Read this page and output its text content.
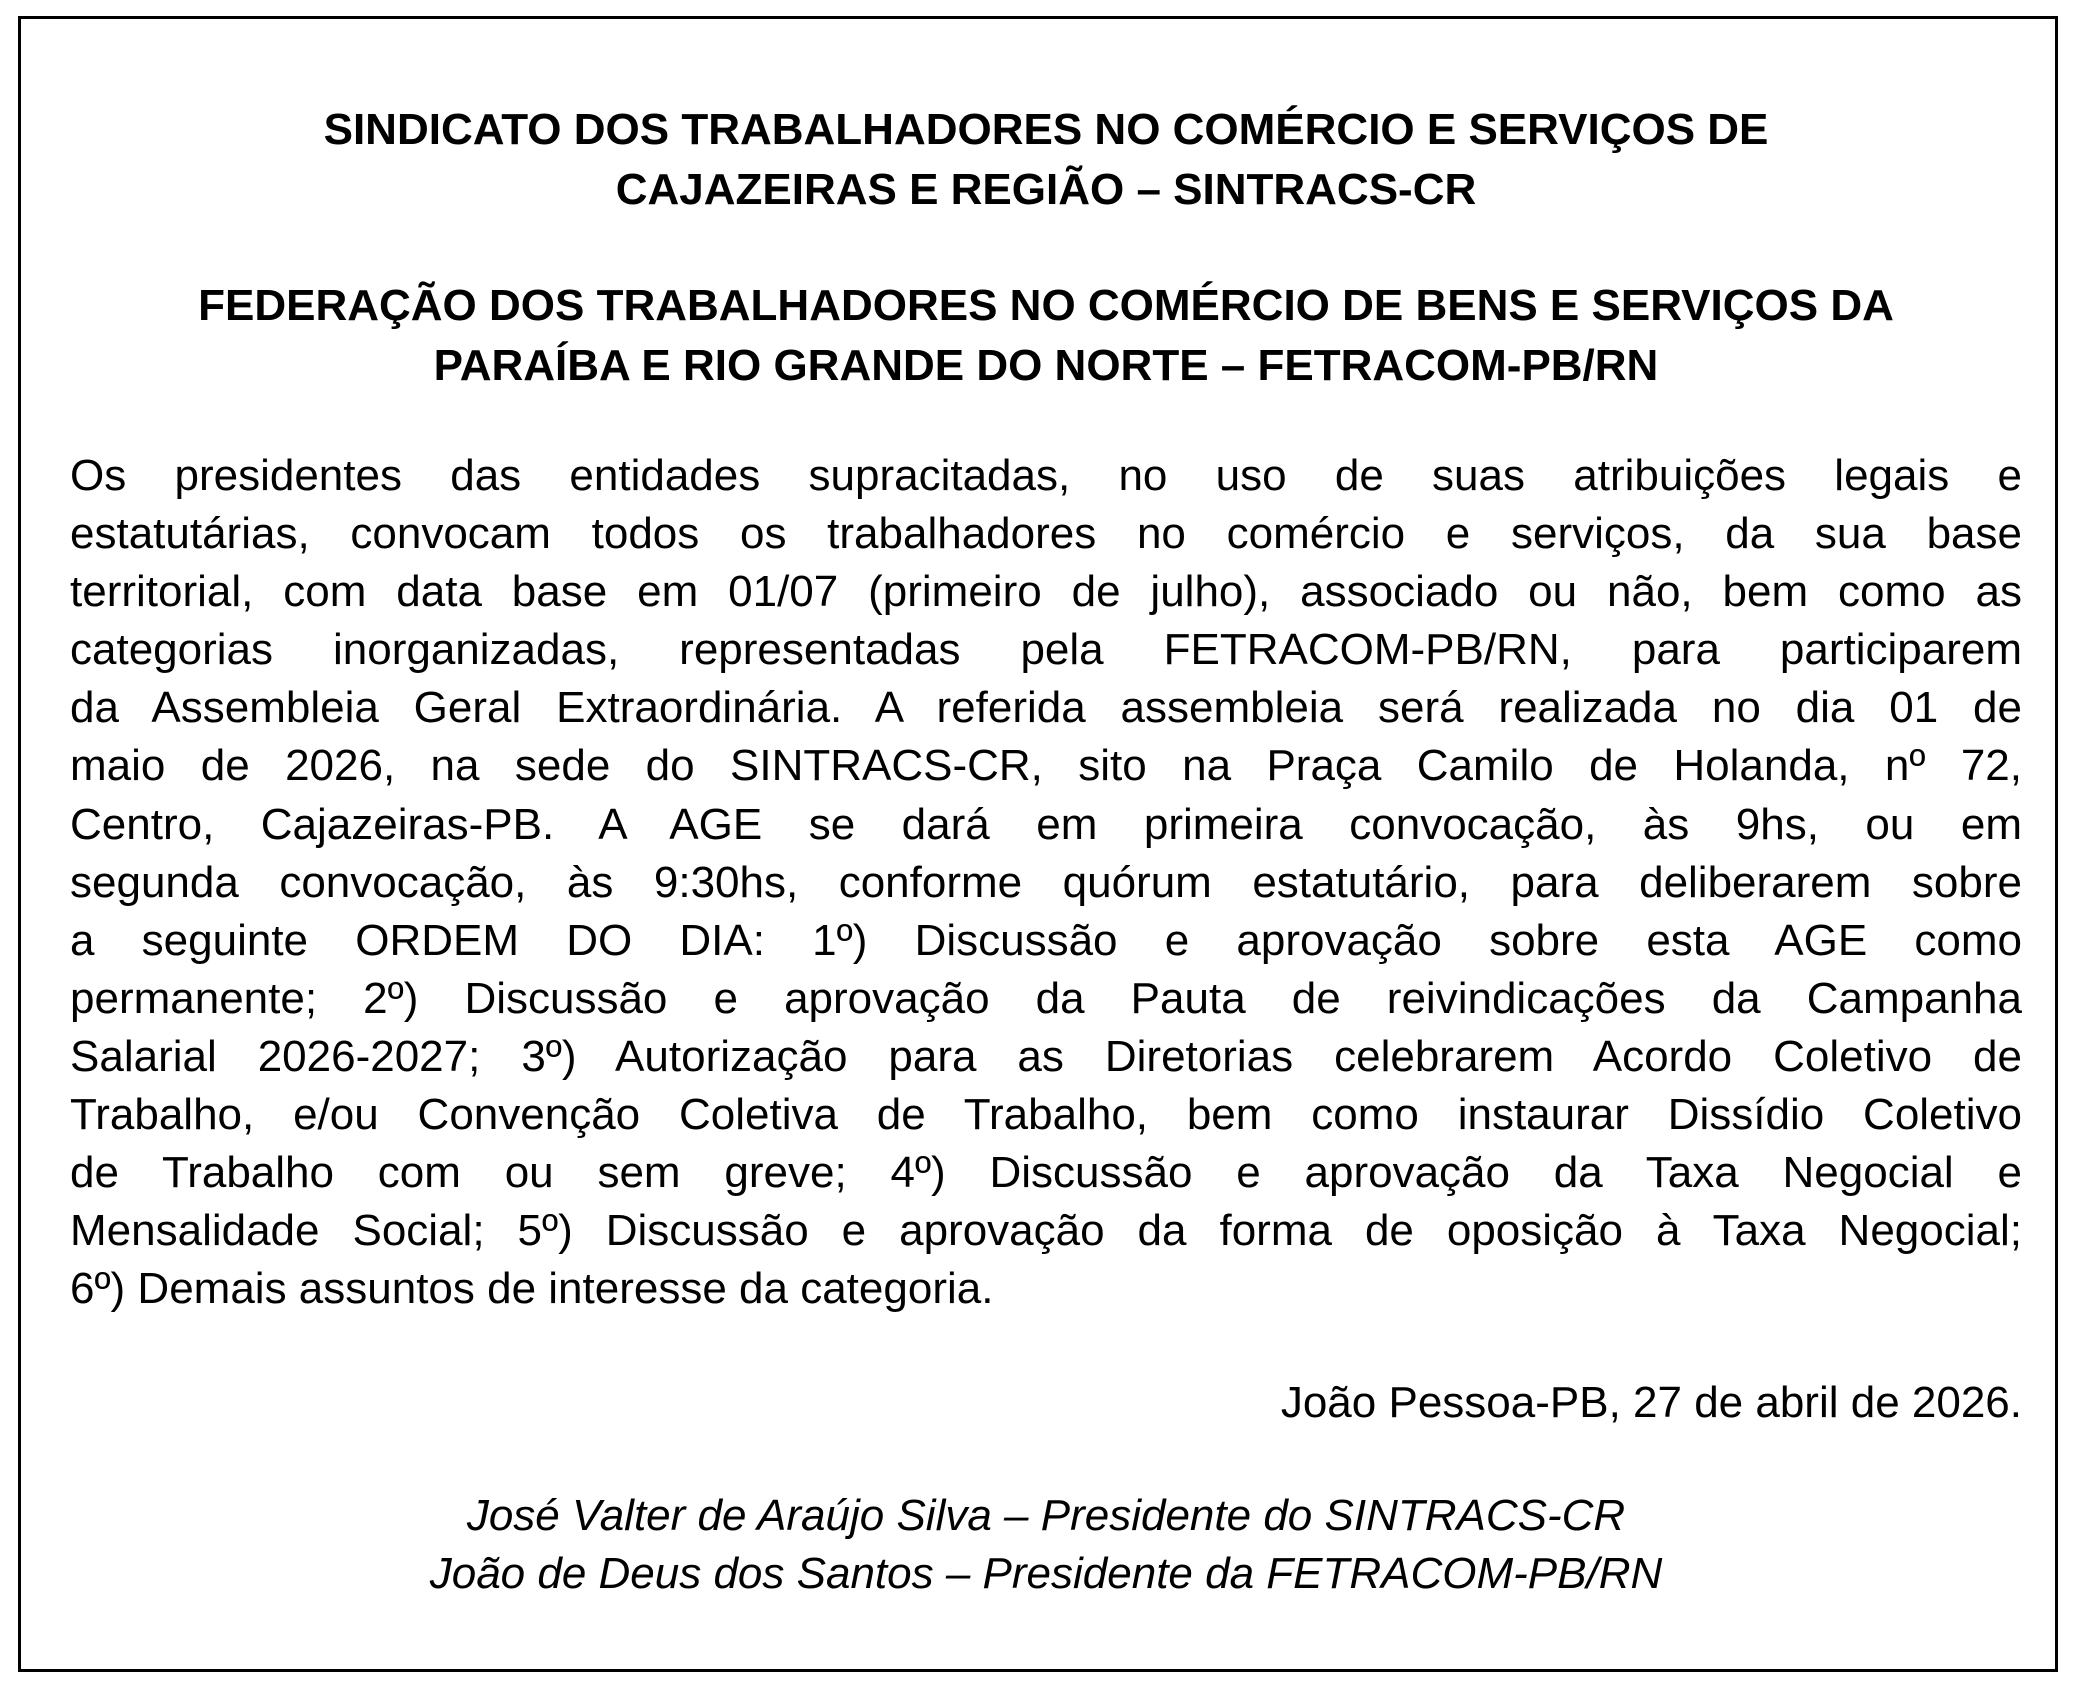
SINDICATO DOS TRABALHADORES NO COMÉRCIO E SERVIÇOS DE
CAJAZEIRAS E REGIÃO – SINTRACS-CR
FEDERAÇÃO DOS TRABALHADORES NO COMÉRCIO DE BENS E SERVIÇOS DA
PARAÍBA E RIO GRANDE DO NORTE – FETRACOM-PB/RN
Os presidentes das entidades supracitadas, no uso de suas atribuições legais e
estatutárias, convocam todos os trabalhadores no comércio e serviços, da sua base
territorial, com data base em 01/07 (primeiro de julho), associado ou não, bem como as
categorias inorganizadas, representadas pela FETRACOM-PB/RN, para participarem
da Assembleia Geral Extraordinária. A referida assembleia será realizada no dia 01 de
maio de 2026, na sede do SINTRACS-CR, sito na Praça Camilo de Holanda, nº 72,
Centro, Cajazeiras-PB. A AGE se dará em primeira convocação, às 9hs, ou em
segunda convocação, às 9:30hs, conforme quórum estatutário, para deliberarem sobre
a seguinte ORDEM DO DIA: 1º) Discussão e aprovação sobre esta AGE como
permanente; 2º) Discussão e aprovação da Pauta de reivindicações da Campanha
Salarial 2026-2027; 3º) Autorização para as Diretorias celebrarem Acordo Coletivo de
Trabalho, e/ou Convenção Coletiva de Trabalho, bem como instaurar Dissídio Coletivo
de Trabalho com ou sem greve; 4º) Discussão e aprovação da Taxa Negocial e
Mensalidade Social; 5º) Discussão e aprovação da forma de oposição à Taxa Negocial;
6º) Demais assuntos de interesse da categoria.
João Pessoa-PB, 27 de abril de 2026.
José Valter de Araújo Silva – Presidente do SINTRACS-CR
João de Deus dos Santos – Presidente da FETRACOM-PB/RN
